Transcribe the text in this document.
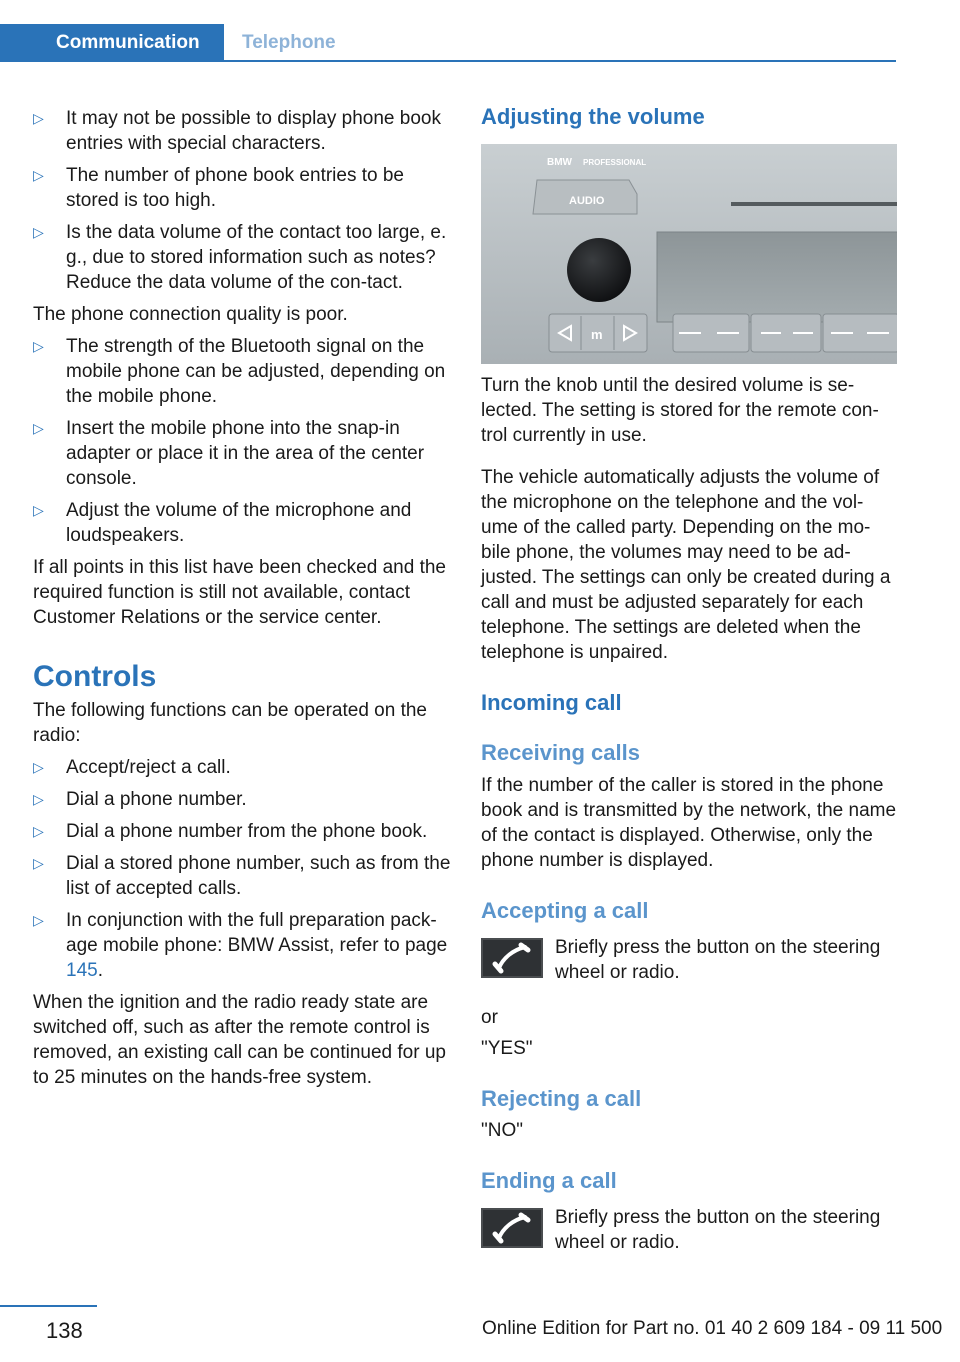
Communication	Telephone
▷ It may not be possible to display phone book entries with special characters.
▷ The number of phone book entries to be stored is too high.
▷ Is the data volume of the contact too large, e. g., due to stored information such as notes? Reduce the data volume of the con‐tact.

The phone connection quality is poor.

▷ The strength of the Bluetooth signal on the mobile phone can be adjusted, depending on the mobile phone.
▷ Insert the mobile phone into the snap-in adapter or place it in the area of the center console.
▷ Adjust the volume of the microphone and loudspeakers.

If all points in this list have been checked and the required function is still not available, contact Customer Relations or the service center.

Controls

The following functions can be operated on the radio:

▷ Accept/reject a call.
▷ Dial a phone number.
▷ Dial a phone number from the phone book.
▷ Dial a stored phone number, such as from the list of accepted calls.
▷ In conjunction with the full preparation pack‐age mobile phone: BMW Assist, refer to page 145.

When the ignition and the radio ready state are switched off, such as after the remote control is removed, an existing call can be continued for up to 25 minutes on the hands-free system.

Adjusting the volume
BMW PROFESSIONAL
AUDIO
m

Turn the knob until the desired volume is se‐lected. The setting is stored for the remote con‐trol currently in use.

The vehicle automatically adjusts the volume of the microphone on the telephone and the vol‐ume of the called party. Depending on the mo‐bile phone, the volumes may need to be ad‐justed. The settings can only be created during a call and must be adjusted separately for each telephone. The settings are deleted when the telephone is unpaired.

Incoming call
Receiving calls

If the number of the caller is stored in the phone book and is transmitted by the network, the name of the contact is displayed. Otherwise, only the phone number is displayed.

Accepting a call

Briefly press the button on the steering wheel or radio.

or

"YES"

Rejecting a call

"NO"

Ending a call

Briefly press the button on the steering wheel or radio.

138	Online Edition for Part no. 01 40 2 609 184 - 09 11 500
